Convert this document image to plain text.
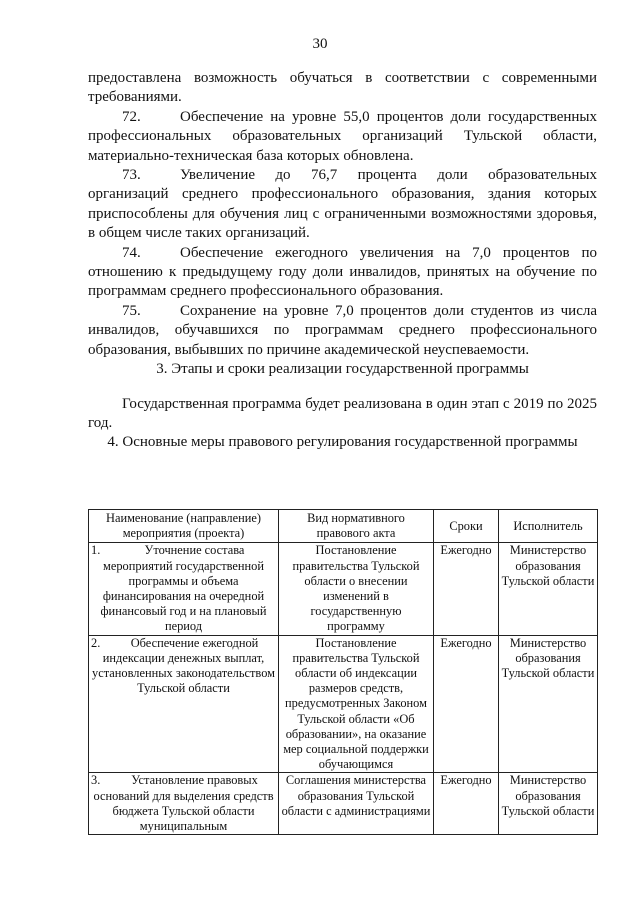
30

предоставлена возможность обучаться в соответствии с современными требованиями.

72.	Обеспечение на уровне 55,0 процентов доли государственных профессиональных образовательных организаций Тульской области, материально-техническая база которых обновлена.

73.	Увеличение до 76,7 процента доли образовательных организаций среднего профессионального образования, здания которых приспособлены для обучения лиц с ограниченными возможностями здоровья, в общем числе таких организаций.

74.	Обеспечение ежегодного увеличения на 7,0 процентов по отношению к предыдущему году доли инвалидов, принятых на обучение по программам среднего профессионального образования.

75.	Сохранение на уровне 7,0 процентов доли студентов из числа инвалидов, обучавшихся по программам среднего профессионального образования, выбывших по причине академической неуспеваемости.

3. Этапы и сроки реализации государственной программы

Государственная программа будет реализована в один этап с 2019 по 2025 год.

4. Основные меры правового регулирования государственной программы

Наименование (направление) мероприятия (проекта)	Вид нормативного правового акта	Сроки	Исполнитель

1. Уточнение состава мероприятий государственной программы и объема финансирования на очередной финансовый год и на плановый период	Постановление правительства Тульской области о внесении изменений в государственную программу	Ежегодно	Министерство образования Тульской области

2. Обеспечение ежегодной индексации денежных выплат, установленных законодательством Тульской области	Постановление правительства Тульской области об индексации размеров средств, предусмотренных Законом Тульской области «Об образовании», на оказание мер социальной поддержки обучающимся	Ежегодно	Министерство образования Тульской области

3. Установление правовых оснований для выделения средств бюджета Тульской области муниципальным	Соглашения министерства образования Тульской области с администрациями	Ежегодно	Министерство образования Тульской области
